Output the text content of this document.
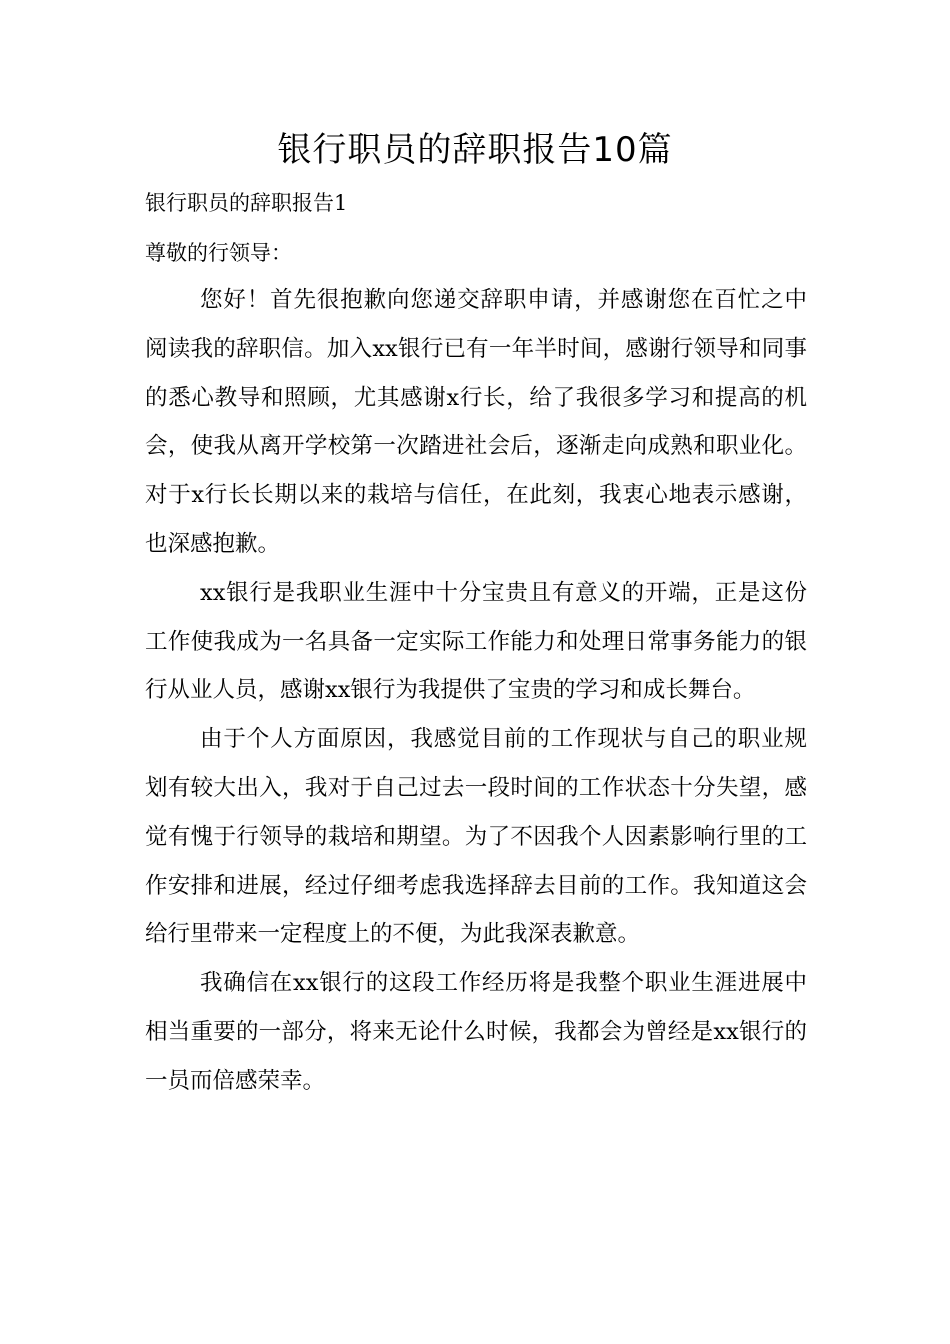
银行职员的辞职报告10篇
银行职员的辞职报告1
尊敬的行领导：

您好！首先很抱歉向您递交辞职申请，并感谢您在百忙之中阅读我的辞职信。加入xx银行已有一年半时间，感谢行领导和同事的悉心教导和照顾，尤其感谢x行长，给了我很多学习和提高的机会，使我从离开学校第一次踏进社会后，逐渐走向成熟和职业化。对于x行长长期以来的栽培与信任，在此刻，我衷心地表示感谢，也深感抱歉。

xx银行是我职业生涯中十分宝贵且有意义的开端，正是这份工作使我成为一名具备一定实际工作能力和处理日常事务能力的银行从业人员，感谢xx银行为我提供了宝贵的学习和成长舞台。

由于个人方面原因，我感觉目前的工作现状与自己的职业规划有较大出入，我对于自己过去一段时间的工作状态十分失望，感觉有愧于行领导的栽培和期望。为了不因我个人因素影响行里的工作安排和进展，经过仔细考虑我选择辞去目前的工作。我知道这会给行里带来一定程度上的不便，为此我深表歉意。

我确信在xx银行的这段工作经历将是我整个职业生涯进展中相当重要的一部分，将来无论什么时候，我都会为曾经是xx银行的一员而倍感荣幸。
